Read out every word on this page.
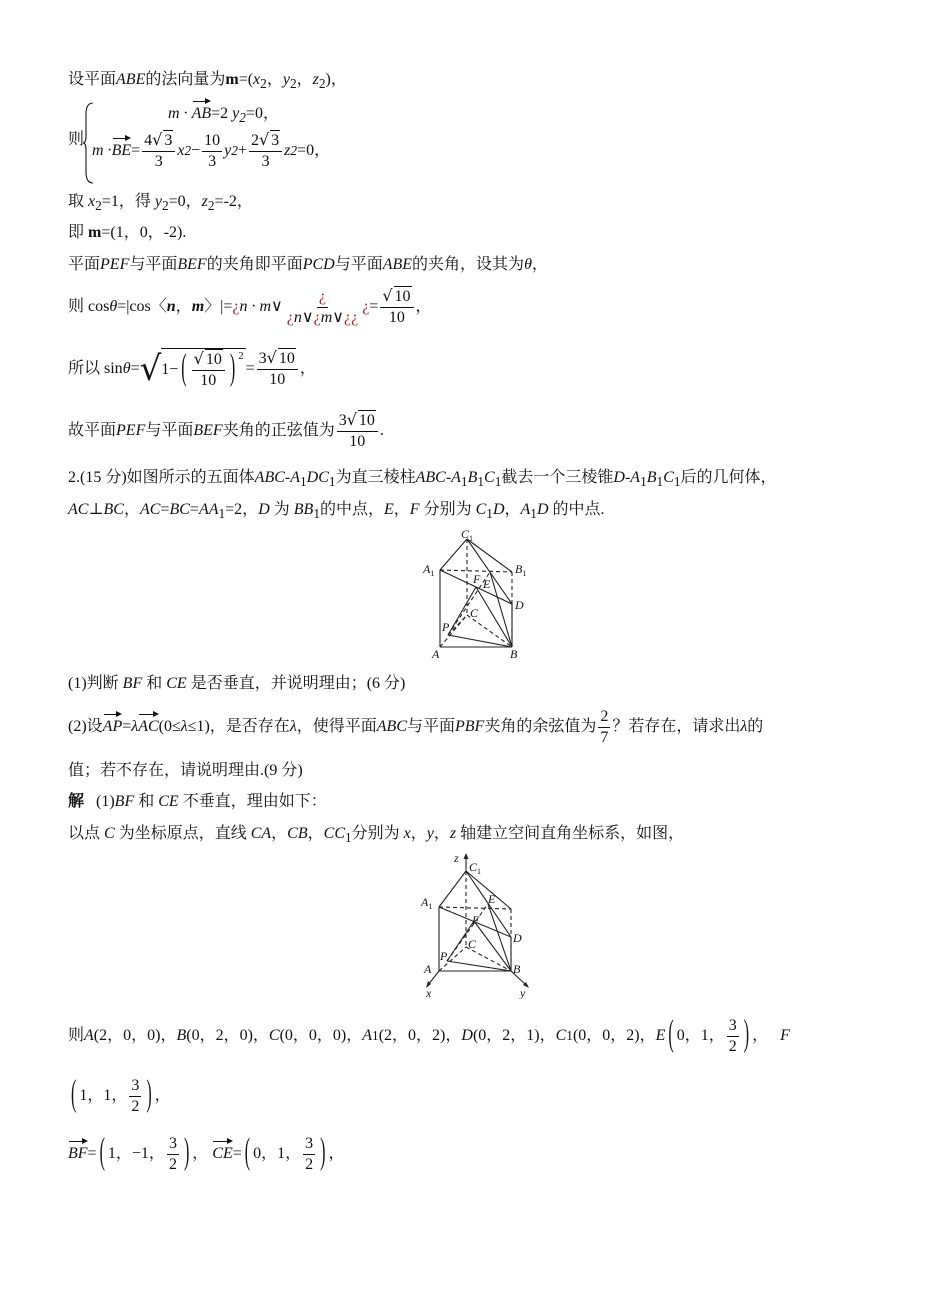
设平面ABE的法向量为$m=(x_2$，$y_2$，$z_2$)，
则
m · AB=2 $y_2=0$，
m · BE = $\frac{4√ 3}{3}$ x $2 - \frac{10}{3}$ y $2 + \frac{2√ 3}{3}$ z 2 =0，
取 $x_2=1$，得 $y_2=0$，$z_2=-2$，
即 m=(1，0，-2).
平面PEF与平面BEF的夹角即平面PCD与平面ABE的夹角，设其为θ，
则 cos θ =|cos〈 n ， m 〉|= ¿ n · m ∨ $\frac{¿}{¿n\vee¿m\vee¿¿}$ ¿ = $\frac{√ 10}{10}$ ，
所以 sin θ = √ 1− ( $\frac{√ 10}{10}$ ) $^2$
= $\frac{3√ 10}{10}$ ，
故平面 PEF 与平面 BEF 夹角的正弦值为 $\frac{3√ 10}{10}$ .
2.(15 分)如图所示的五面体ABC-$A_1DC_1$为直三棱柱ABC-$A_1B_1C_1$截去一个三棱锥$D-A_1B_1C_1$后的几何体，
AC⊥BC，$AC=BC=AA_1=2$，D 为 $BB_1$的中点，E，F 分别为 $C_1D$，$A_1D$ 的中点.
$C_1$
$A_1$	$B_1$
F E
D
C
P
A	B
(1)判断 BF 和 CE 是否垂直，并说明理由；(6 分)
(2)设 AP = λ AC (0≤ λ ≤1)，是否存在 λ ，使得平面 ABC 与平面 PBF 夹角的余弦值为 $\frac{2}{7}$ ？若存在，请求出 λ 的
值；若不存在，请说明理由.(9 分)
解   (1)BF 和 CE 不垂直，理由如下：
以点 C 为坐标原点，直线 CA，CB，$CC_1$分别为 x，y，z 轴建立空间直角坐标系，如图，
z
$C_1$
$A_1$
E
F
D
C
P
A	B
x	y
则 A (2，0，0)， B (0，2，0)， C (0，0，0)， A 1 (2，0，2)， D (0，2，1)， C 1 (0，0，2)， E ( 0，1， $\frac{3}{2}$ ) ， F
( 1，1， $\frac{3}{2}$ ) ，
BF = ( 1，−1， $\frac{3}{2}$ ) ， CE = ( 0，1， $\frac{3}{2}$ ) ，
